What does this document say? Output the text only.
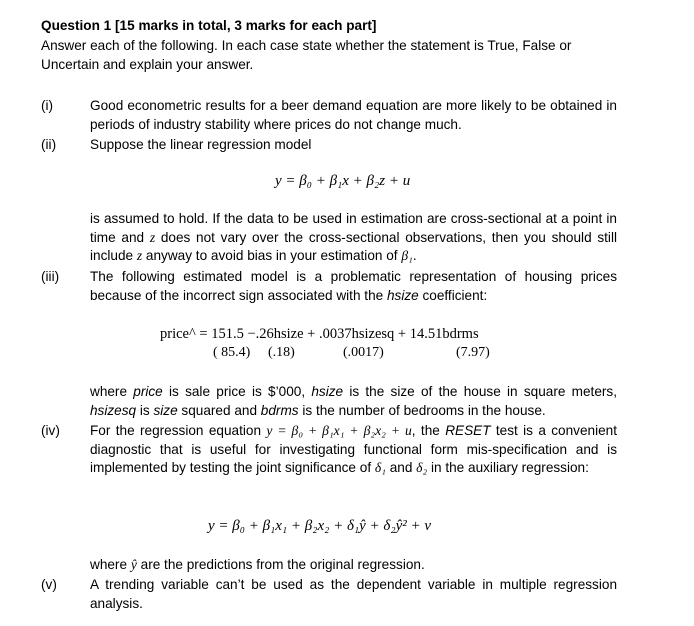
Question 1 [15 marks in total, 3 marks for each part]
Answer each of the following. In each case state whether the statement is True, False or
Uncertain and explain your answer.
(i)	Good econometric results for a beer demand equation are more likely to be obtained in periods of industry stability where prices do not change much.

(ii)	Suppose the linear regression model

y = β₀ + β₁x + β₂z + u

is assumed to hold. If the data to be used in estimation are cross-sectional at a point in time and z does not vary over the cross-sectional observations, then you should still include z anyway to avoid bias in your estimation of β₁.

(iii)	The following estimated model is a problematic representation of housing prices because of the incorrect sign associated with the hsize coefficient:

price^ = 151.5 −.26hsize + .0037hsizesq + 14.51bdrms
( 85.4) (.18)	(.0017)	(7.97)

where price is sale price is $’000, hsize is the size of the house in square meters, hsizesq is size squared and bdrms is the number of bedrooms in the house.

(iv)	For the regression equation y = β₀ + β₁x₁ + β₂x₂ + u, the RESET test is a convenient diagnostic that is useful for investigating functional form mis-specification and is implemented by testing the joint significance of δ₁ and δ₂ in the auxiliary regression:

y = β₀ + β₁x₁ + β₂x₂ + δ₁ŷ + δ₂ŷ² + v

where ŷ are the predictions from the original regression.

(v)	A trending variable can’t be used as the dependent variable in multiple regression analysis.
